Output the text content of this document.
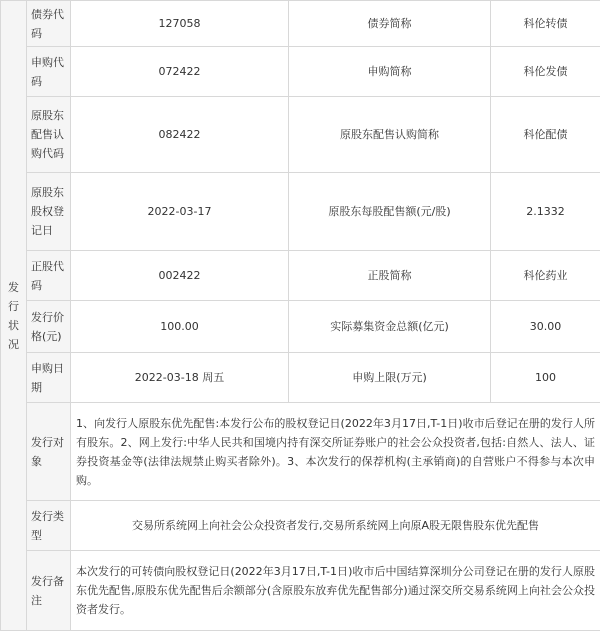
发行状况	债券代码	127058	债券简称	科伦转债
	申购代码	072422	申购简称	科伦发债
	原股东配售认购代码	082422	原股东配售认购简称	科伦配债
	原股东股权登记日	2022-03-17	原股东每股配售额(元/股)	2.1332
	正股代码	002422	正股简称	科伦药业
	发行价格(元)	100.00	实际募集资金总额(亿元)	30.00
	申购日期	2022-03-18 周五	申购上限(万元)	100
	发行对象	1、向发行人原股东优先配售:本发行公布的股权登记日(2022年3月17日,T-1日)收市后登记在册的发行人所有股东。2、网上发行:中华人民共和国境内持有深交所证券账户的社会公众投资者,包括:自然人、法人、证券投资基金等(法律法规禁止购买者除外)。3、本次发行的保荐机构(主承销商)的自营账户不得参与本次申购。		
	发行类型	交易所系统网上向社会公众投资者发行,交易所系统网上向原A股无限售股东优先配售		
	发行备注	本次发行的可转债向股权登记日(2022年3月17日,T-1日)收市后中国结算深圳分公司登记在册的发行人原股东优先配售,原股东优先配售后余额部分(含原股东放弃优先配售部分)通过深交所交易系统网上向社会公众投资者发行。		
